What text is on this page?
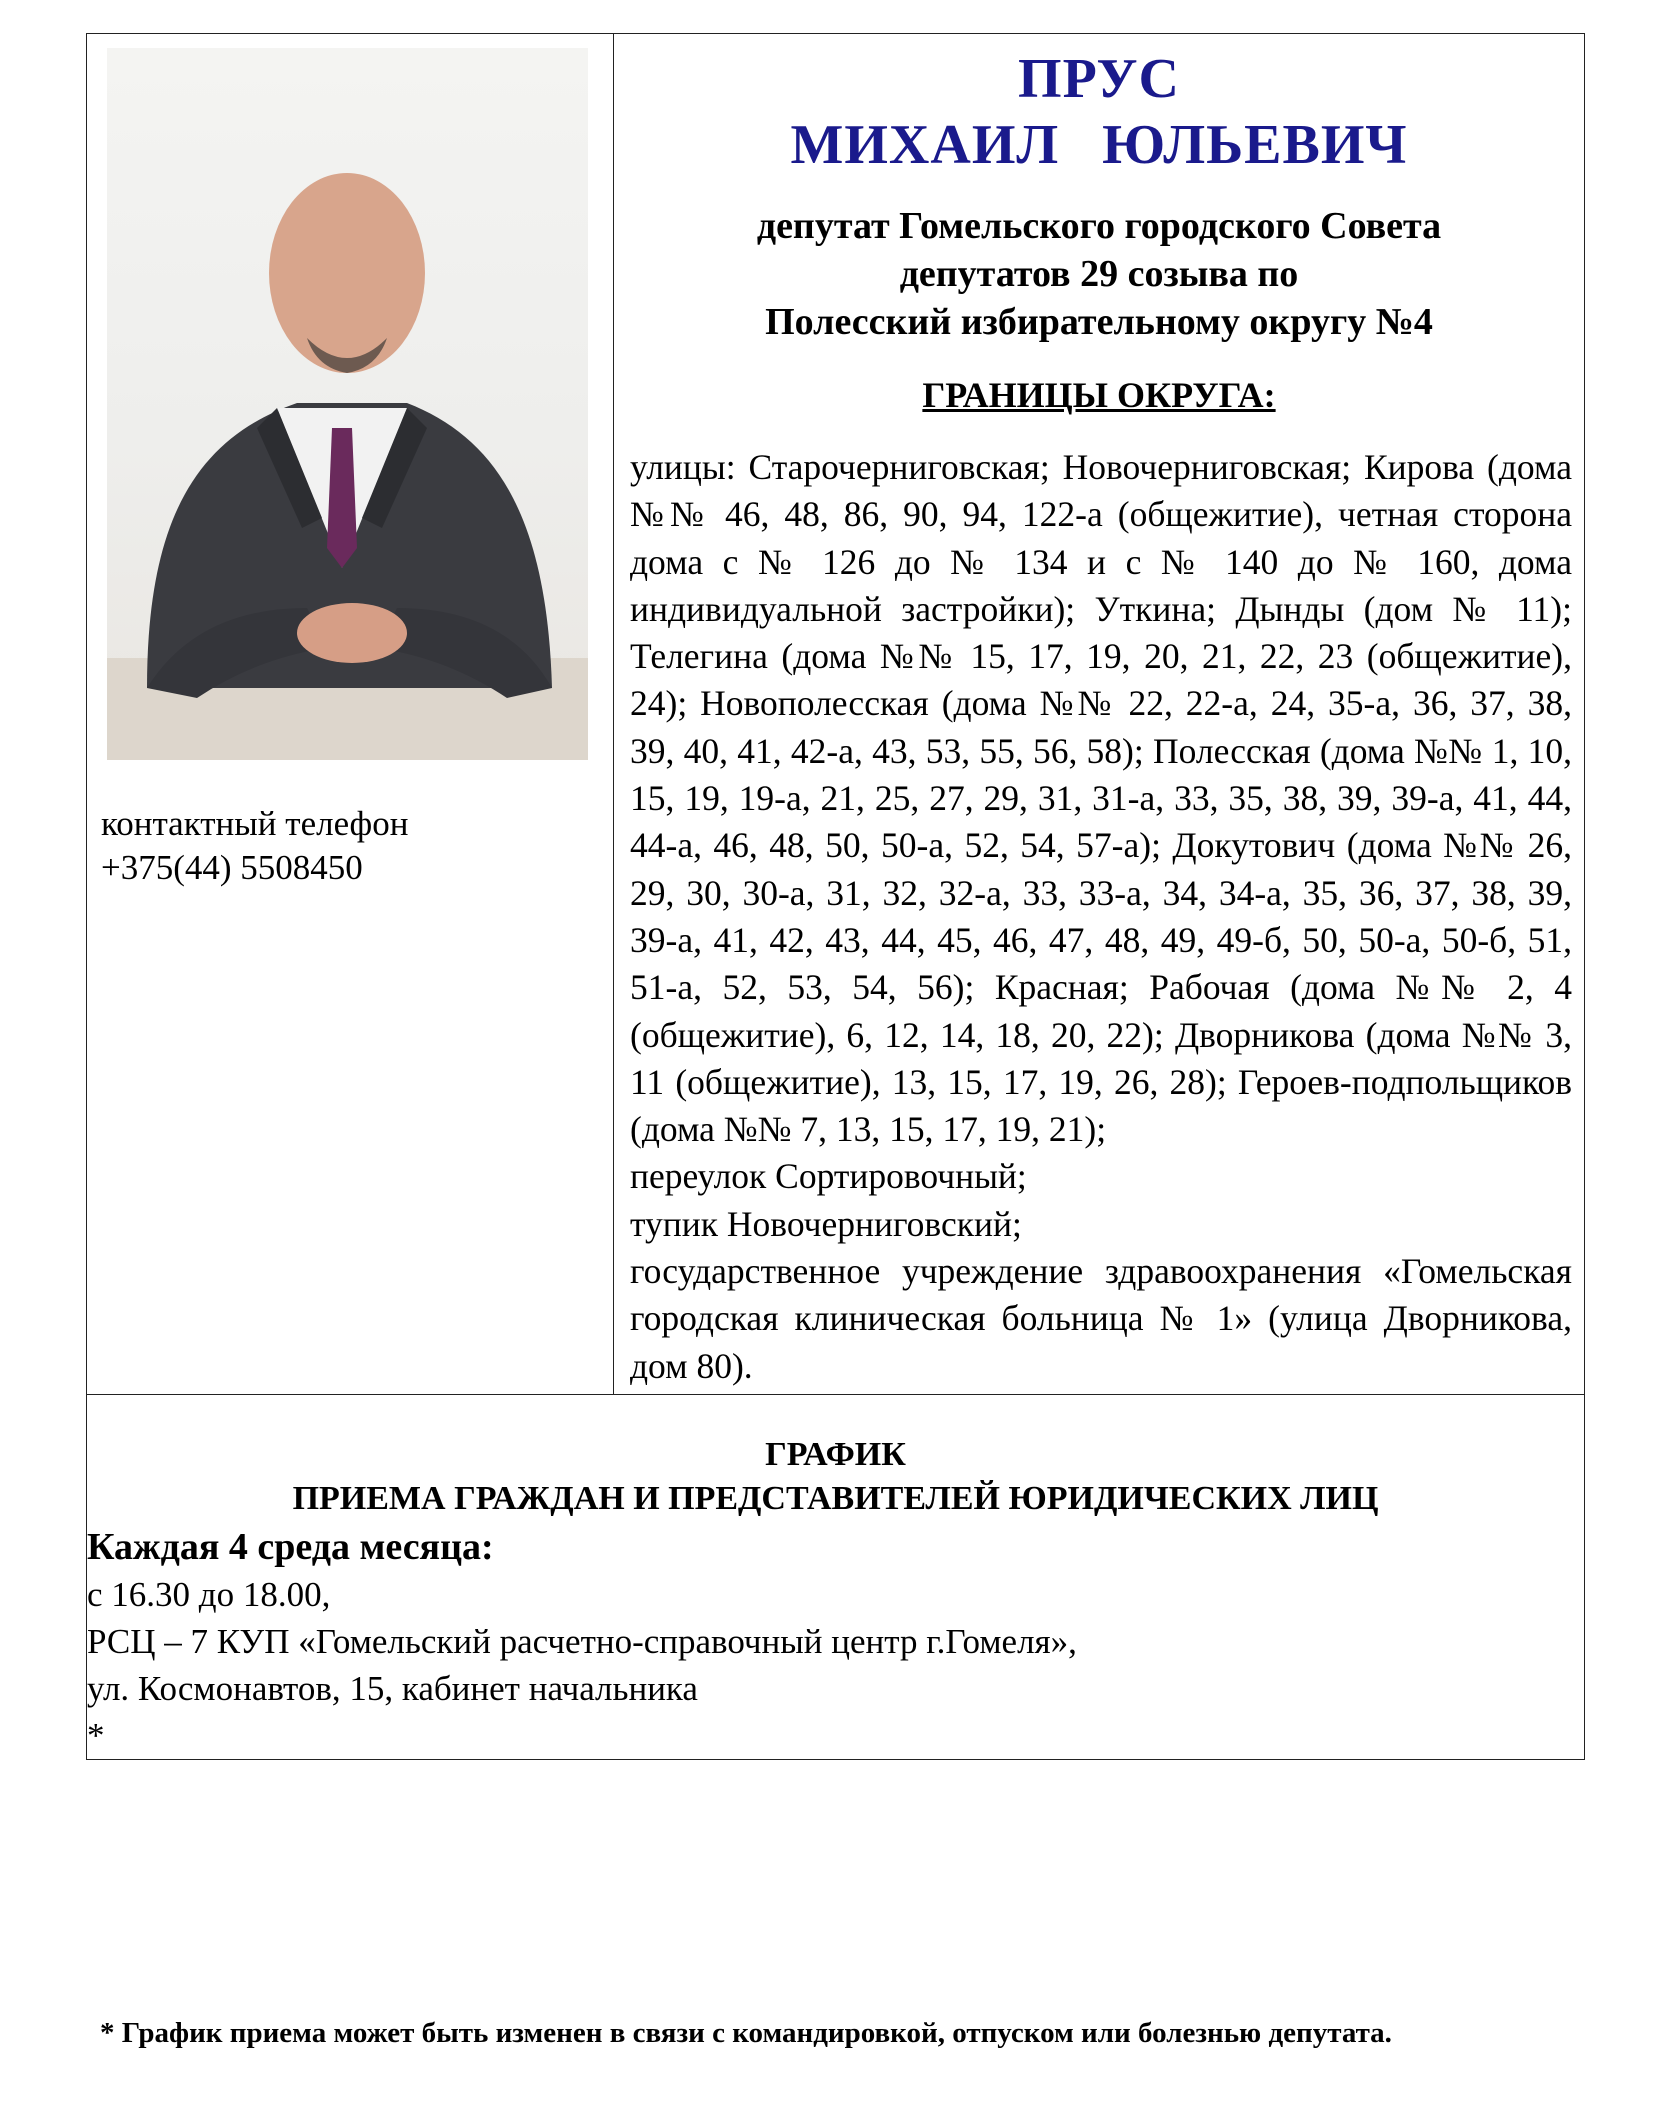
контактный телефон
+375(44) 5508450

ПРУС
МИХАИЛ ЮЛЬЕВИЧ
депутат Гомельского городского Совета
депутатов 29 созыва по
Полесский избирательному округу №4
ГРАНИЦЫ ОКРУГА:

улицы: Старочерниговская; Новочерниговская; Кирова (дома №№ 46, 48, 86, 90, 94, 122-а (общежитие), четная сторона дома с № 126 до № 134 и с № 140 до № 160, дома индивидуальной застройки); Уткина; Дынды (дом № 11); Телегина (дома №№ 15, 17, 19, 20, 21, 22, 23 (общежитие), 24); Новополесская (дома №№ 22, 22-а, 24, 35-а, 36, 37, 38, 39, 40, 41, 42-а, 43, 53, 55, 56, 58); Полесская (дома №№ 1, 10, 15, 19, 19-а, 21, 25, 27, 29, 31, 31-а, 33, 35, 38, 39, 39-а, 41, 44, 44-а, 46, 48, 50, 50-а, 52, 54, 57-а); Докутович (дома №№ 26, 29, 30, 30-а, 31, 32, 32-а, 33, 33-а, 34, 34-а, 35, 36, 37, 38, 39, 39-а, 41, 42, 43, 44, 45, 46, 47, 48, 49, 49-б, 50, 50-а, 50-б, 51, 51-а, 52, 53, 54, 56); Красная; Рабочая (дома №№ 2, 4 (общежитие), 6, 12, 14, 18, 20, 22); Дворникова (дома №№ 3, 11 (общежитие), 13, 15, 17, 19, 26, 28); Героев-подпольщиков (дома №№ 7, 13, 15, 17, 19, 21);

переулок Сортировочный;

тупик Новочерниговский;

государственное учреждение здравоохранения «Гомельская городская клиническая больница № 1» (улица Дворникова, дом 80).

ГРАФИК
ПРИЕМА ГРАЖДАН И ПРЕДСТАВИТЕЛЕЙ ЮРИДИЧЕСКИХ ЛИЦ
Каждая 4 среда месяца:
с 16.30 до 18.00,
РСЦ – 7 КУП «Гомельский расчетно-справочный центр г.Гомеля»,
ул. Космонавтов, 15, кабинет начальника
*
* График приема может быть изменен в связи с командировкой, отпуском или болезнью депутата.
